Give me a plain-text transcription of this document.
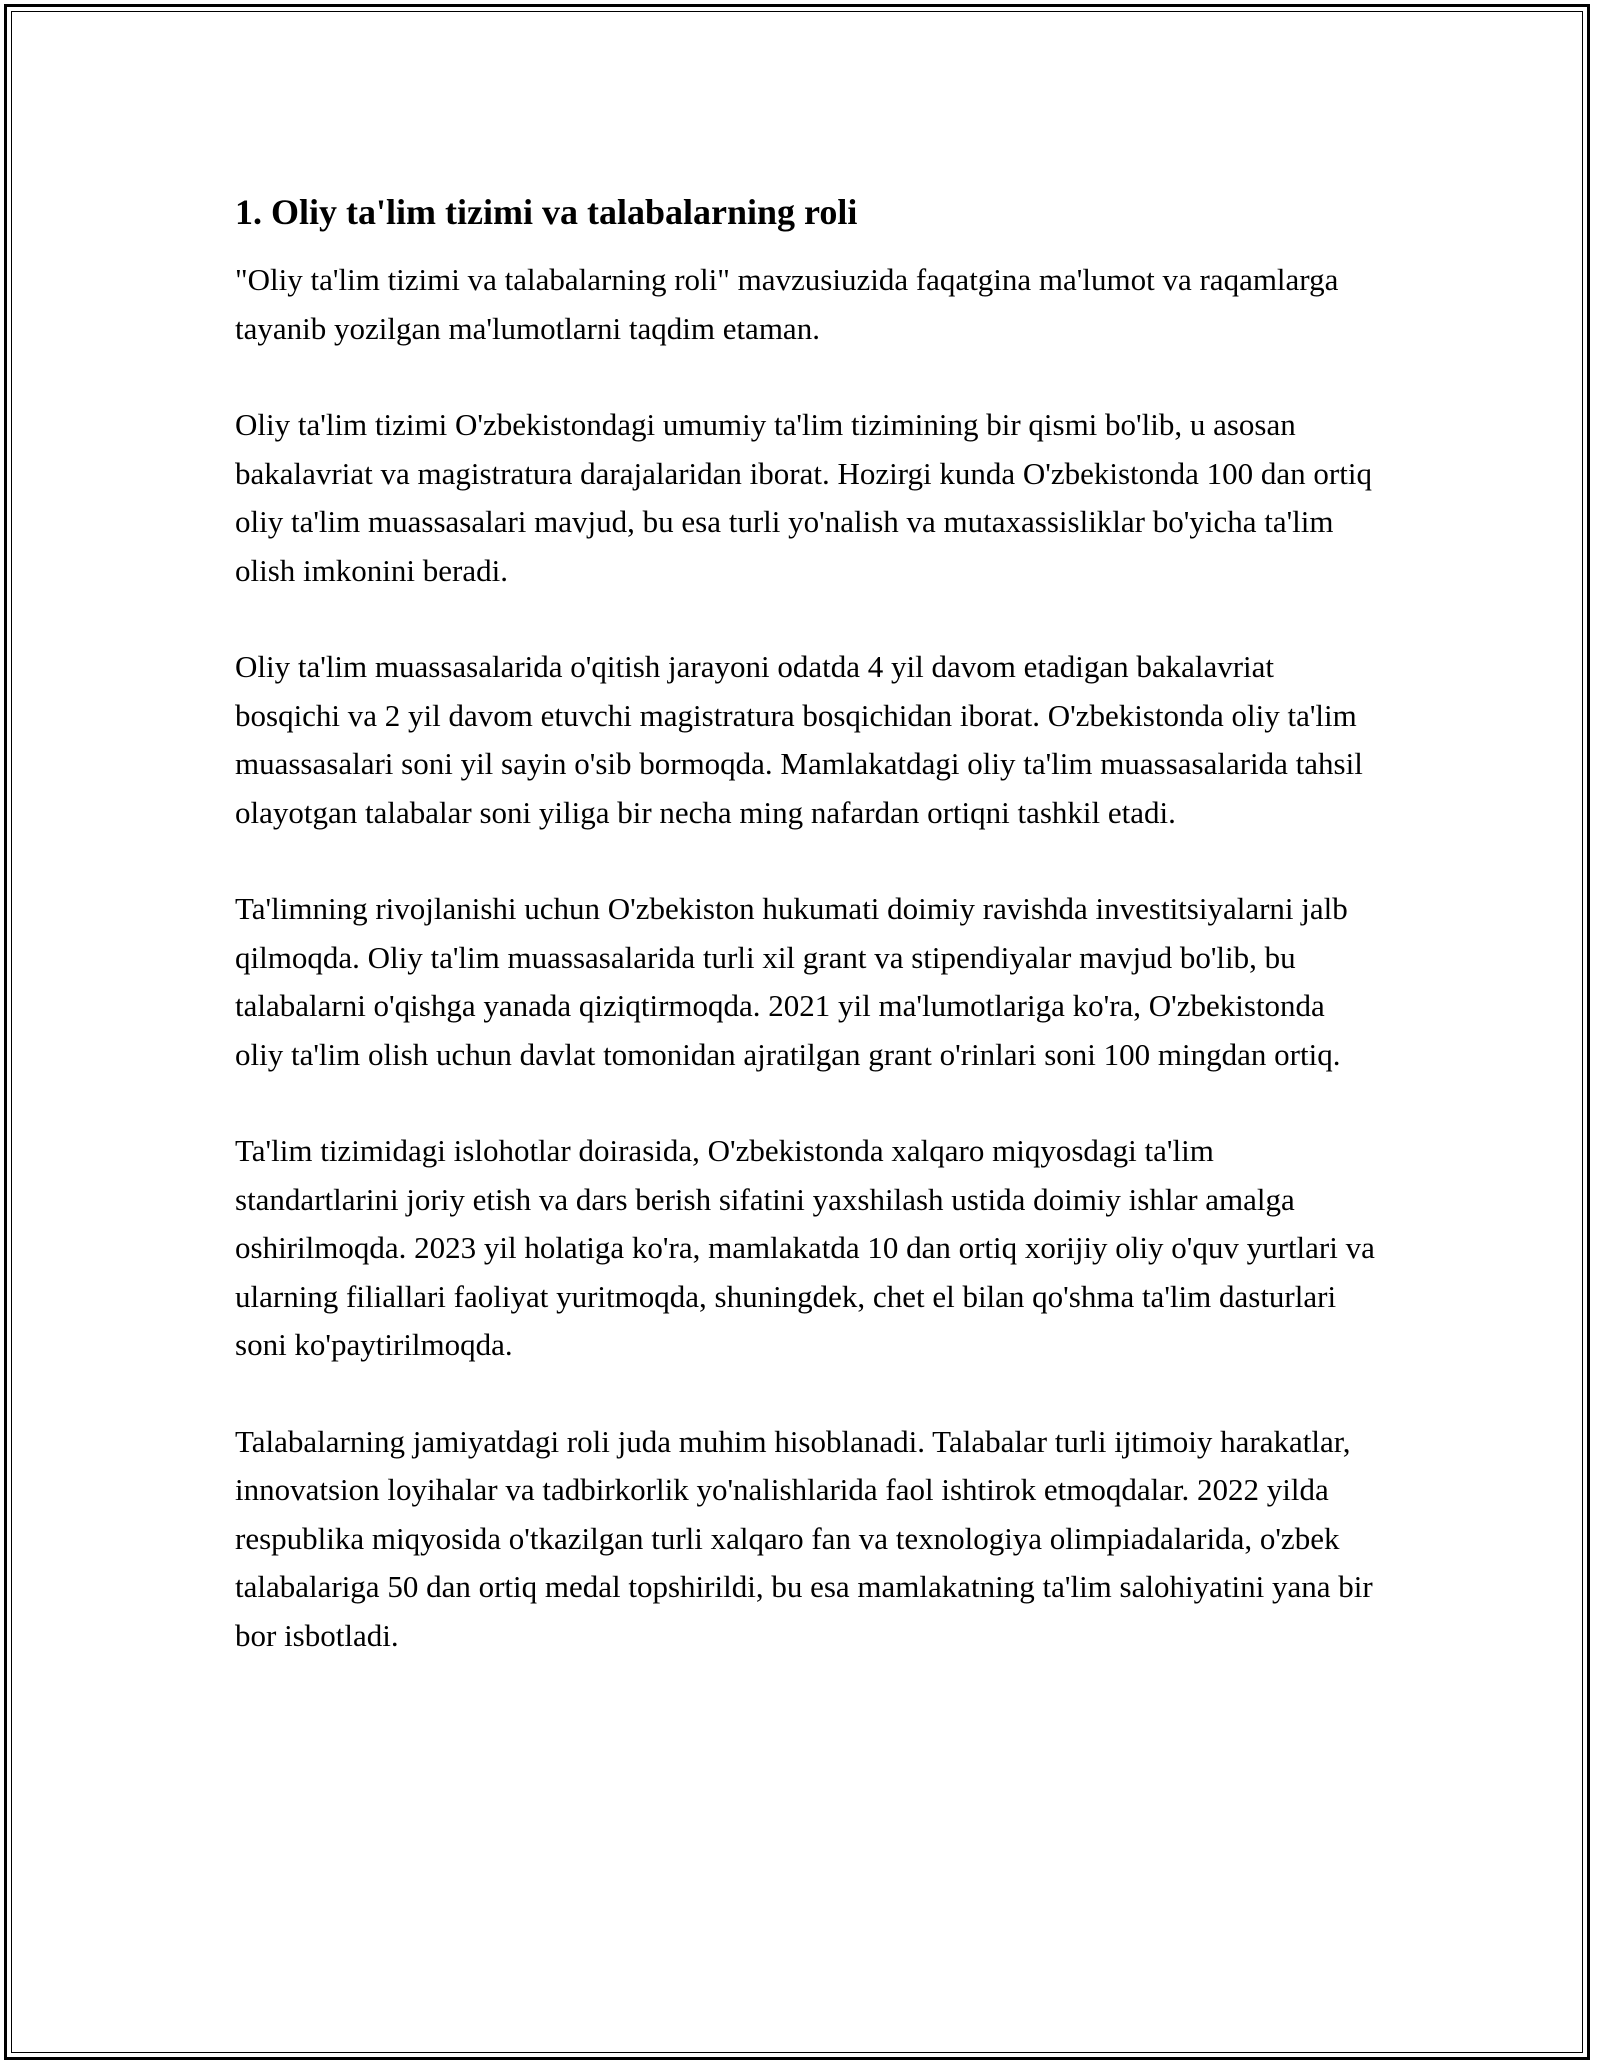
1. Oliy ta'lim tizimi va talabalarning roli

"Oliy ta'lim tizimi va talabalarning roli" mavzusiuzida faqatgina ma'lumot va raqamlarga tayanib yozilgan ma'lumotlarni taqdim etaman.

Oliy ta'lim tizimi O'zbekistondagi umumiy ta'lim tizimining bir qismi bo'lib, u asosan bakalavriat va magistratura darajalaridan iborat. Hozirgi kunda O'zbekistonda 100 dan ortiq oliy ta'lim muassasalari mavjud, bu esa turli yo'nalish va mutaxassisliklar bo'yicha ta'lim olish imkonini beradi.

Oliy ta'lim muassasalarida o'qitish jarayoni odatda 4 yil davom etadigan bakalavriat bosqichi va 2 yil davom etuvchi magistratura bosqichidan iborat. O'zbekistonda oliy ta'lim muassasalari soni yil sayin o'sib bormoqda. Mamlakatdagi oliy ta'lim muassasalarida tahsil olayotgan talabalar soni yiliga bir necha ming nafardan ortiqni tashkil etadi.

Ta'limning rivojlanishi uchun O'zbekiston hukumati doimiy ravishda investitsiyalarni jalb qilmoqda. Oliy ta'lim muassasalarida turli xil grant va stipendiyalar mavjud bo'lib, bu talabalarni o'qishga yanada qiziqtirmoqda. 2021 yil ma'lumotlariga ko'ra, O'zbekistonda oliy ta'lim olish uchun davlat tomonidan ajratilgan grant o'rinlari soni 100 mingdan ortiq.

Ta'lim tizimidagi islohotlar doirasida, O'zbekistonda xalqaro miqyosdagi ta'lim standartlarini joriy etish va dars berish sifatini yaxshilash ustida doimiy ishlar amalga oshirilmoqda. 2023 yil holatiga ko'ra, mamlakatda 10 dan ortiq xorijiy oliy o'quv yurtlari va ularning filiallari faoliyat yuritmoqda, shuningdek, chet el bilan qo'shma ta'lim dasturlari soni ko'paytirilmoqda.

Talabalarning jamiyatdagi roli juda muhim hisoblanadi. Talabalar turli ijtimoiy harakatlar, innovatsion loyihalar va tadbirkorlik yo'nalishlarida faol ishtirok etmoqdalar. 2022 yilda respublika miqyosida o'tkazilgan turli xalqaro fan va texnologiya olimpiadalarida, o'zbek talabalariga 50 dan ortiq medal topshirildi, bu esa mamlakatning ta'lim salohiyatini yana bir bor isbotladi.
